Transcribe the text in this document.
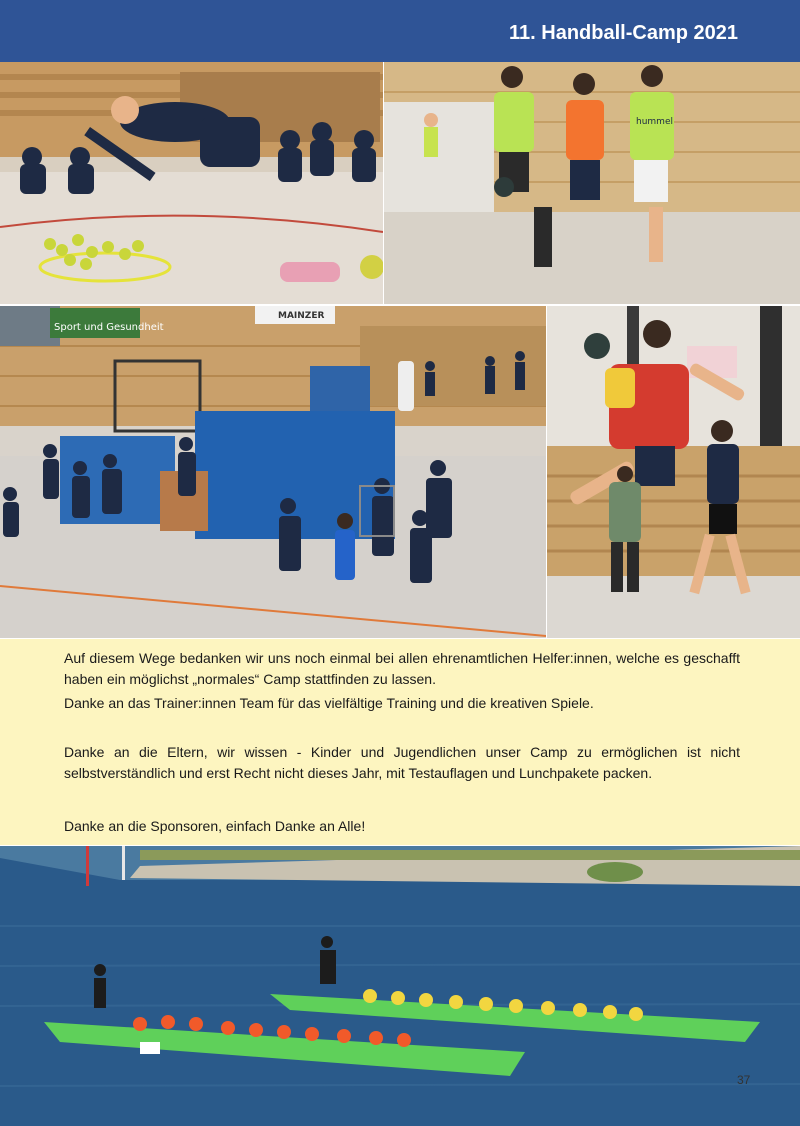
11. Handball-Camp 2021
hummel
Sport und Gesundheit
MAINZER
Auf diesem Wege bedanken wir uns noch einmal bei allen ehrenamtlichen Helfer:innen, welche es geschafft haben ein möglichst „normales“ Camp stattfinden zu lassen.
Danke an das Trainer:innen Team für das vielfältige Training und die kreativen Spiele.
Danke an die Eltern, wir wissen - Kinder und Jugendlichen unser Camp zu ermöglichen ist nicht selbstverständlich und erst Recht nicht dieses Jahr, mit Testauflagen und Lunchpakete packen.
Danke an die Sponsoren, einfach Danke an Alle!
37
